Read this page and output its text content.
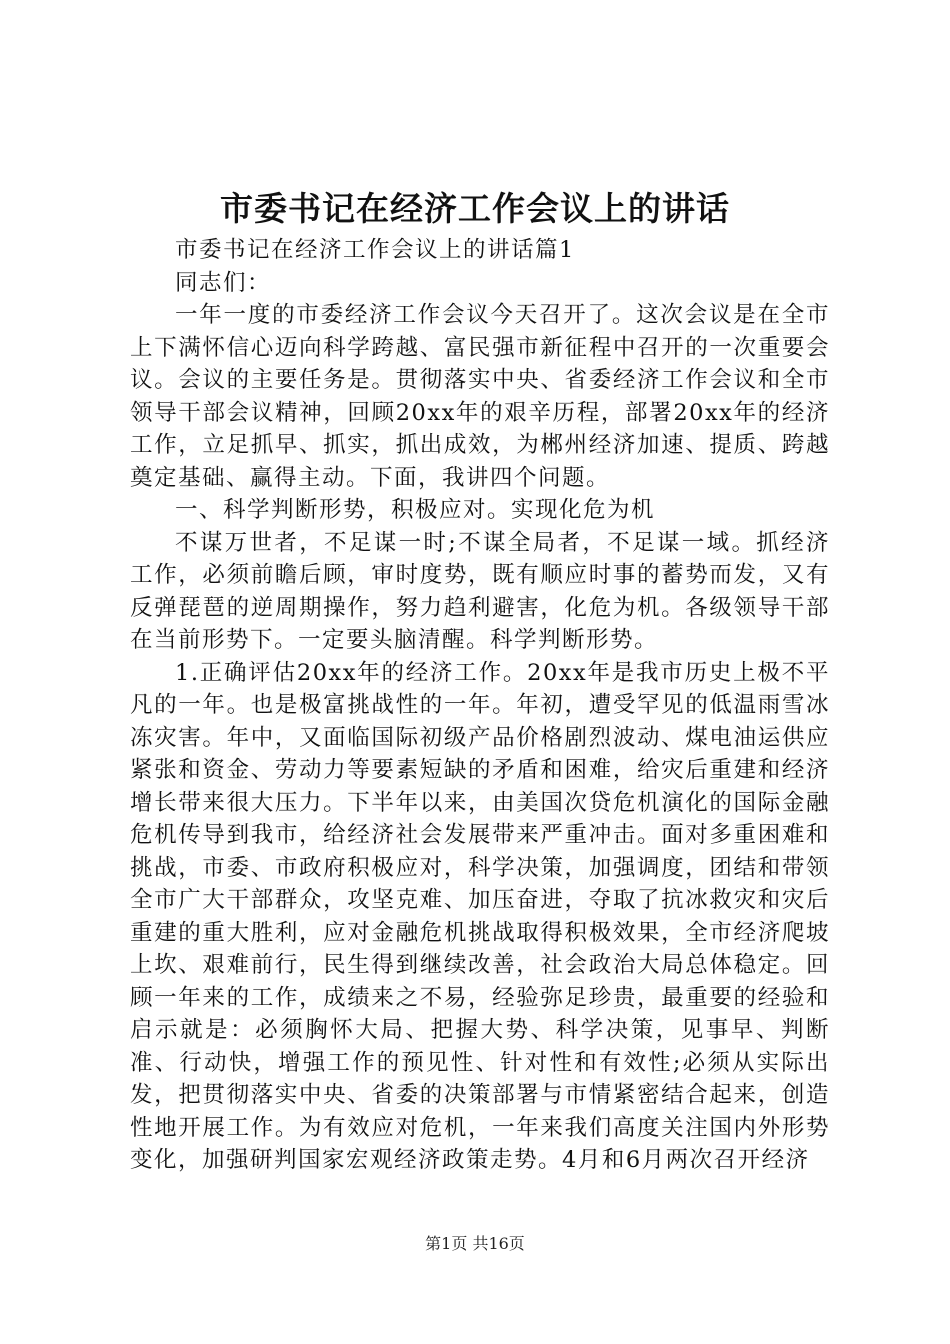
市委书记在经济工作会议上的讲话

市委书记在经济工作会议上的讲话篇1

同志们：

一年一度的市委经济工作会议今天召开了。这次会议是在全市上下满怀信心迈向科学跨越、富民强市新征程中召开的一次重要会议。会议的主要任务是。贯彻落实中央、省委经济工作会议和全市领导干部会议精神，回顾20xx年的艰辛历程，部署20xx年的经济工作，立足抓早、抓实，抓出成效，为郴州经济加速、提质、跨越奠定基础、赢得主动。下面，我讲四个问题。

一、科学判断形势，积极应对。实现化危为机

不谋万世者，不足谋一时;不谋全局者，不足谋一域。抓经济工作，必须前瞻后顾，审时度势，既有顺应时事的蓄势而发，又有反弹琵琶的逆周期操作，努力趋利避害，化危为机。各级领导干部在当前形势下。一定要头脑清醒。科学判断形势。

1.正确评估20xx年的经济工作。20xx年是我市历史上极不平凡的一年。也是极富挑战性的一年。年初，遭受罕见的低温雨雪冰冻灾害。年中，又面临国际初级产品价格剧烈波动、煤电油运供应紧张和资金、劳动力等要素短缺的矛盾和困难，给灾后重建和经济增长带来很大压力。下半年以来，由美国次贷危机演化的国际金融危机传导到我市，给经济社会发展带来严重冲击。面对多重困难和挑战，市委、市政府积极应对，科学决策，加强调度，团结和带领全市广大干部群众，攻坚克难、加压奋进，夺取了抗冰救灾和灾后重建的重大胜利，应对金融危机挑战取得积极效果，全市经济爬坡上坎、艰难前行，民生得到继续改善，社会政治大局总体稳定。回顾一年来的工作，成绩来之不易，经验弥足珍贵，最重要的经验和启示就是：必须胸怀大局、把握大势、科学决策，见事早、判断准、行动快，增强工作的预见性、针对性和有效性;必须从实际出发，把贯彻落实中央、省委的决策部署与市情紧密结合起来，创造性地开展工作。为有效应对危机，一年来我们高度关注国内外形势变化，加强研判国家宏观经济政策走势。4月和6月两次召开经济

第1页 共16页
